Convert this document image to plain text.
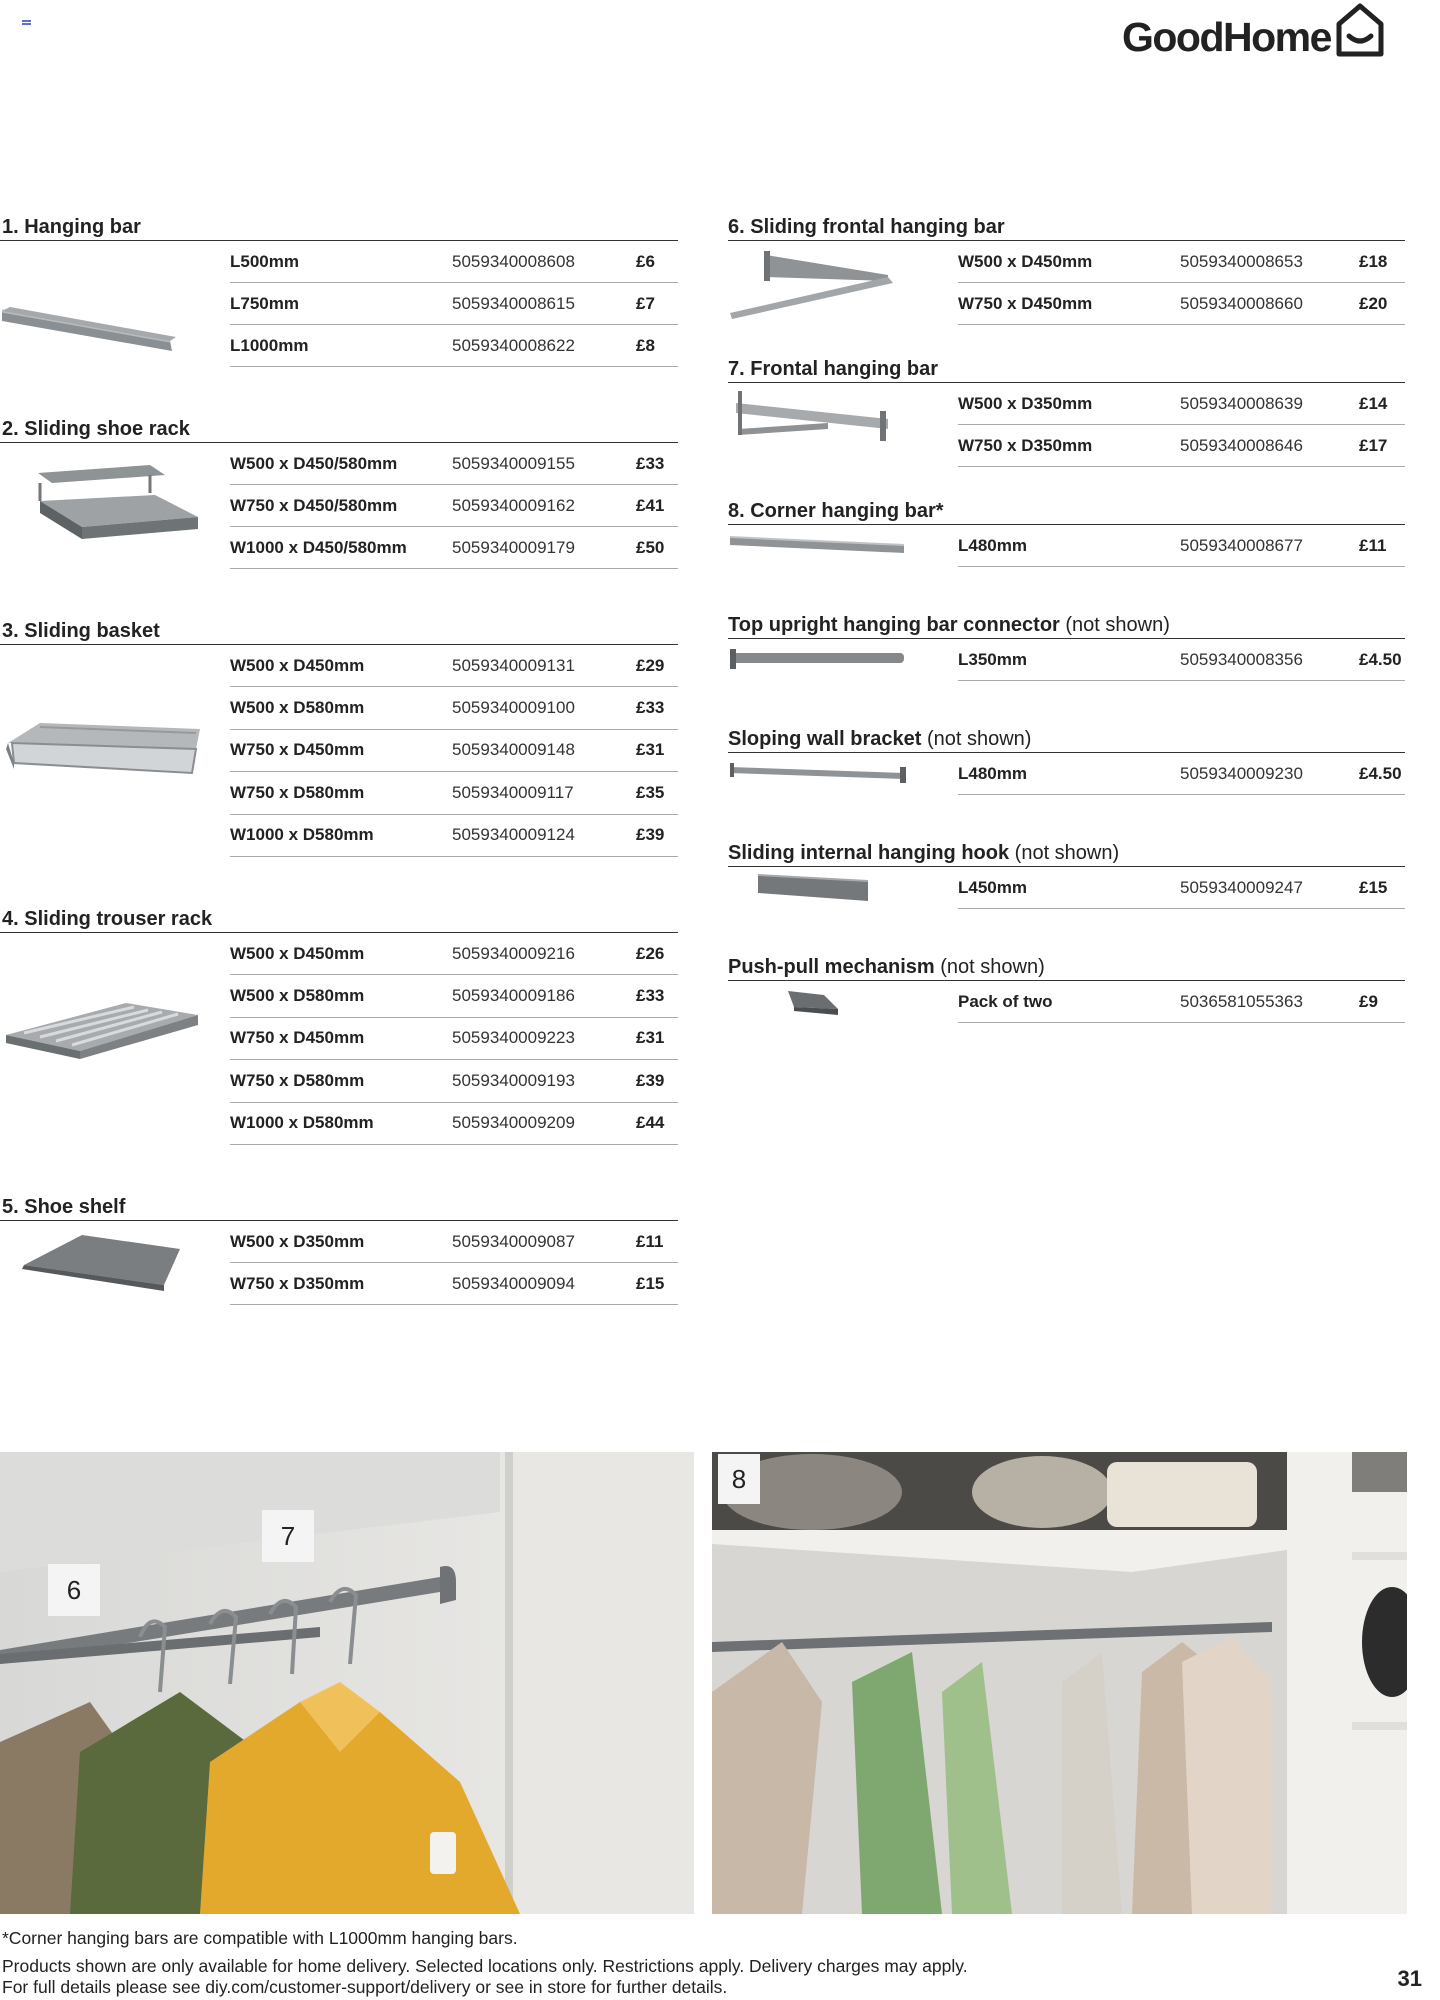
GoodHome
1. Hanging bar
L500mm	5059340008608	£6
L750mm	5059340008615	£7
L1000mm	5059340008622	£8
2. Sliding shoe rack
W500 x D450/580mm	5059340009155	£33
W750 x D450/580mm	5059340009162	£41
W1000 x D450/580mm	5059340009179	£50
3. Sliding basket
W500 x D450mm	5059340009131	£29
W500 x D580mm	5059340009100	£33
W750 x D450mm	5059340009148	£31
W750 x D580mm	5059340009117	£35
W1000 x D580mm	5059340009124	£39
4. Sliding trouser rack
W500 x D450mm	5059340009216	£26
W500 x D580mm	5059340009186	£33
W750 x D450mm	5059340009223	£31
W750 x D580mm	5059340009193	£39
W1000 x D580mm	5059340009209	£44
5. Shoe shelf
W500 x D350mm	5059340009087	£11
W750 x D350mm	5059340009094	£15
6. Sliding frontal hanging bar
W500 x D450mm	5059340008653	£18
W750 x D450mm	5059340008660	£20
7. Frontal hanging bar
W500 x D350mm	5059340008639	£14
W750 x D350mm	5059340008646	£17
8. Corner hanging bar*
L480mm	5059340008677	£11
Top upright hanging bar connector (not shown)
L350mm	5059340008356	£4.50
Sloping wall bracket (not shown)
L480mm	5059340009230	£4.50
Sliding internal hanging hook (not shown)
L450mm	5059340009247	£15
Push-pull mechanism (not shown)
Pack of two	5036581055363	£9
6
7
8
*Corner hanging bars are compatible with L1000mm hanging bars.
Products shown are only available for home delivery. Selected locations only. Restrictions apply. Delivery charges may apply.
For full details please see diy.com/customer-support/delivery or see in store for further details.	31
